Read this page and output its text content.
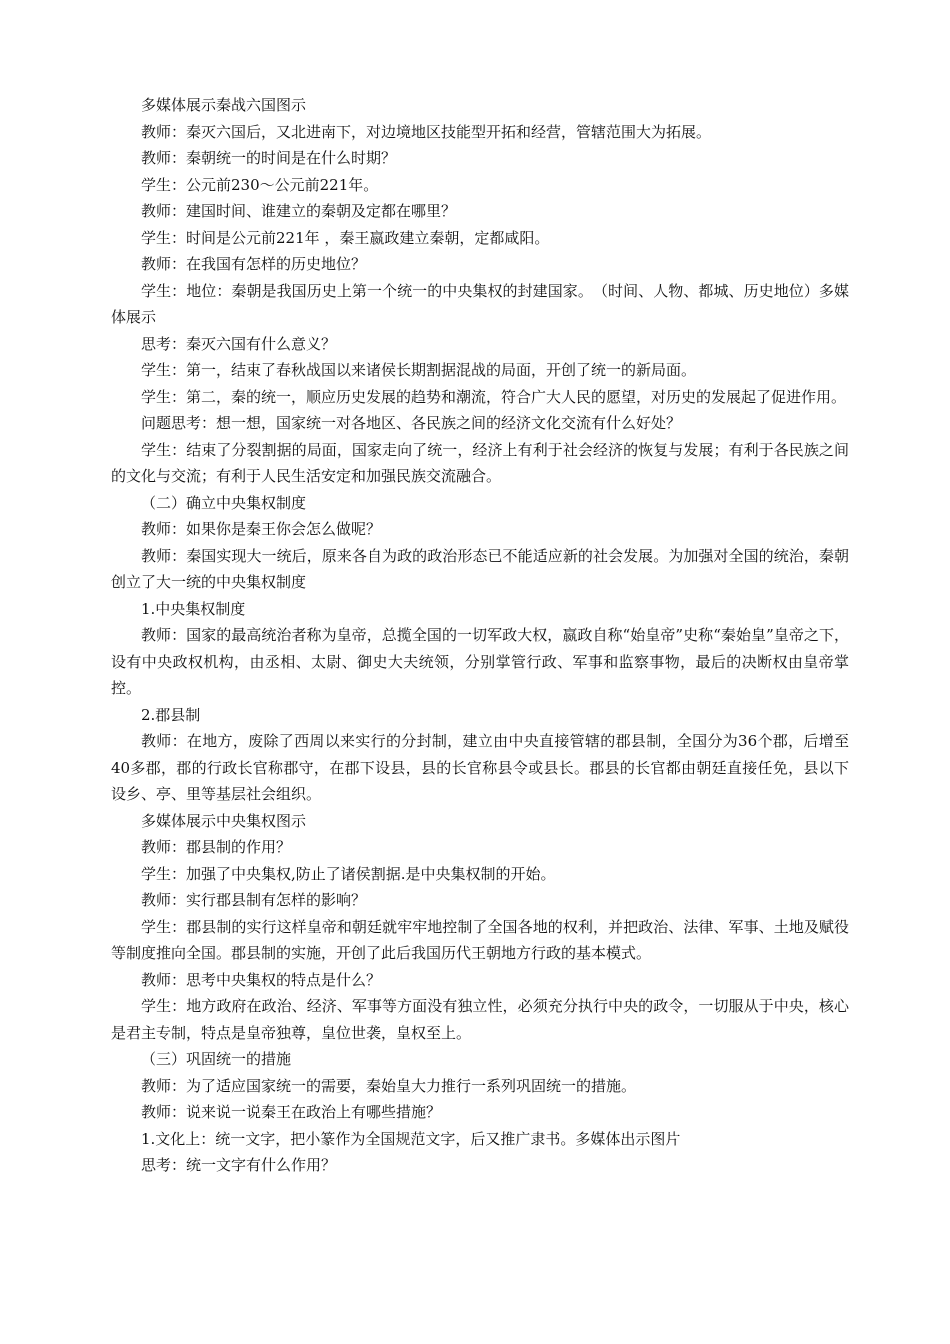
多媒体展示秦战六国图示

教师：秦灭六国后，又北进南下，对边境地区技能型开拓和经营，管辖范围大为拓展。

教师：秦朝统一的时间是在什么时期？

学生：公元前230～公元前221年。

教师：建国时间、谁建立的秦朝及定都在哪里？

学生：时间是公元前221年 ，秦王嬴政建立秦朝，定都咸阳。

教师：在我国有怎样的历史地位？

学生：地位：秦朝是我国历史上第一个统一的中央集权的封建国家。　（时间、人物、都城、历史地位）多媒体展示

思考：秦灭六国有什么意义？

学生：第一，结束了春秋战国以来诸侯长期割据混战的局面，开创了统一的新局面。

学生：第二，秦的统一，顺应历史发展的趋势和潮流，符合广大人民的愿望，对历史的发展起了促进作用。

问题思考：想一想，国家统一对各地区、各民族之间的经济文化交流有什么好处？

学生：结束了分裂割据的局面，国家走向了统一，经济上有利于社会经济的恢复与发展；有利于各民族之间的文化与交流；有利于人民生活安定和加强民族交流融合。

（二）确立中央集权制度

教师：如果你是秦王你会怎么做呢？

教师：秦国实现大一统后，原来各自为政的政治形态已不能适应新的社会发展。为加强对全国的统治，秦朝创立了大一统的中央集权制度

1.中央集权制度

教师：国家的最高统治者称为皇帝，总揽全国的一切军政大权，嬴政自称“始皇帝”史称“秦始皇”皇帝之下，设有中央政权机构，由丞相、太尉、御史大夫统领，分别掌管行政、军事和监察事物，最后的决断权由皇帝掌控。

2.郡县制

教师：在地方，废除了西周以来实行的分封制，建立由中央直接管辖的郡县制，全国分为36个郡，后增至40多郡，郡的行政长官称郡守，在郡下设县，县的长官称县令或县长。郡县的长官都由朝廷直接任免，县以下设乡、亭、里等基层社会组织。

多媒体展示中央集权图示

教师：郡县制的作用？

学生：加强了中央集权,防止了诸侯割据.是中央集权制的开始。

教师：实行郡县制有怎样的影响？

学生：郡县制的实行这样皇帝和朝廷就牢牢地控制了全国各地的权利，并把政治、法律、军事、土地及赋役等制度推向全国。郡县制的实施，开创了此后我国历代王朝地方行政的基本模式。

教师：思考中央集权的特点是什么？

学生：地方政府在政治、经济、军事等方面没有独立性，必须充分执行中央的政令，一切服从于中央，核心是君主专制，特点是皇帝独尊，皇位世袭，皇权至上。

（三）巩固统一的措施

教师：为了适应国家统一的需要，秦始皇大力推行一系列巩固统一的措施。

教师：说来说一说秦王在政治上有哪些措施？

1.文化上：统一文字，把小篆作为全国规范文字，后又推广隶书。多媒体出示图片

思考：统一文字有什么作用？
